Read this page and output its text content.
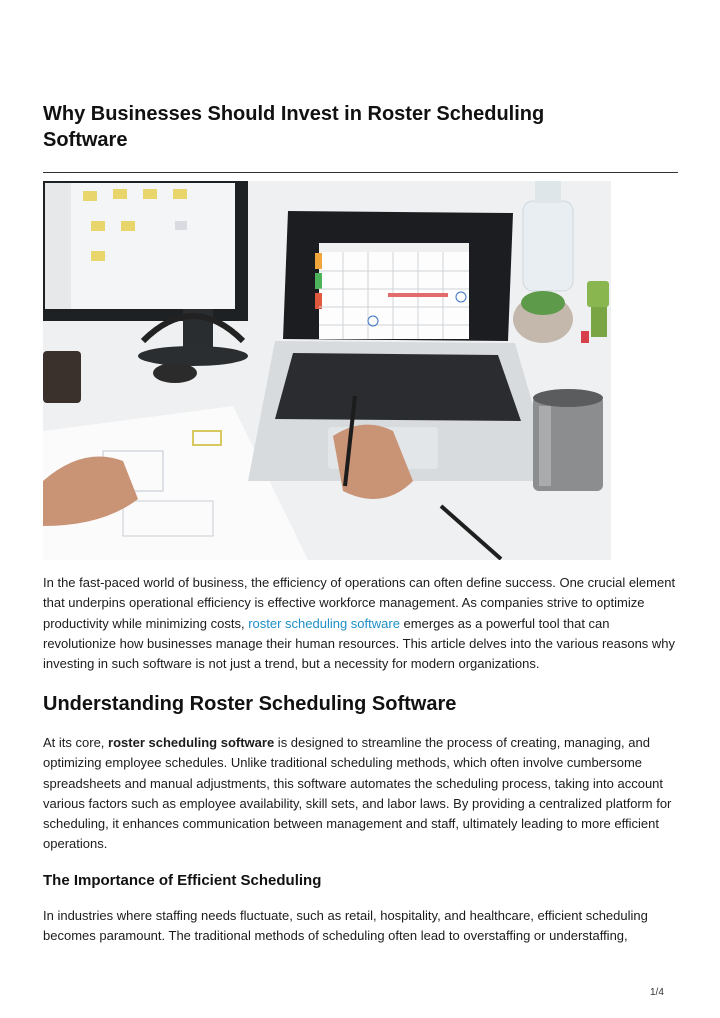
Why Businesses Should Invest in Roster Scheduling Software

In the fast-paced world of business, the efficiency of operations can often define success. One crucial element that underpins operational efficiency is effective workforce management. As companies strive to optimize productivity while minimizing costs, roster scheduling software emerges as a powerful tool that can revolutionize how businesses manage their human resources. This article delves into the various reasons why investing in such software is not just a trend, but a necessity for modern organizations.

Understanding Roster Scheduling Software

At its core, roster scheduling software is designed to streamline the process of creating, managing, and optimizing employee schedules. Unlike traditional scheduling methods, which often involve cumbersome spreadsheets and manual adjustments, this software automates the scheduling process, taking into account various factors such as employee availability, skill sets, and labor laws. By providing a centralized platform for scheduling, it enhances communication between management and staff, ultimately leading to more efficient operations.

The Importance of Efficient Scheduling

In industries where staffing needs fluctuate, such as retail, hospitality, and healthcare, efficient scheduling becomes paramount. The traditional methods of scheduling often lead to overstaffing or understaffing,

1/4
